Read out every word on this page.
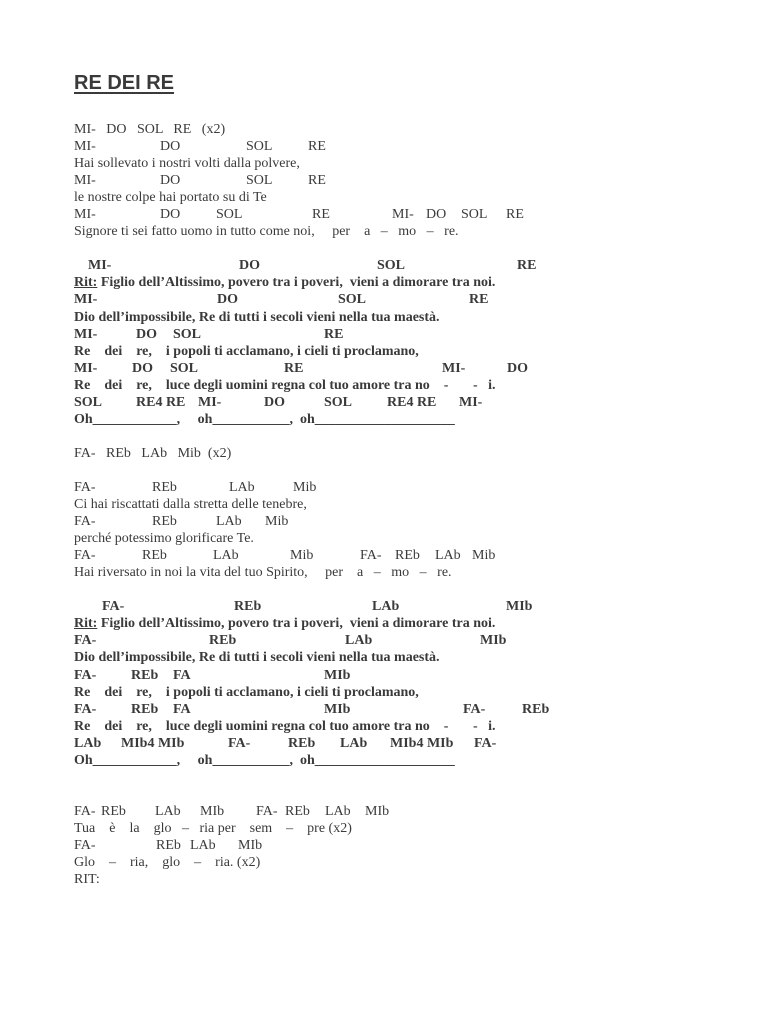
RE DEI RE
MI-   DO   SOL   RE   (x2)
MI-	DO	SOL	RE
Hai sollevato i nostri volti dalla polvere,
MI-	DO	SOL	RE
le nostre colpe hai portato su di Te
MI-	DO	SOL	RE	MI- DO SOL RE
Signore ti sei fatto uomo in tutto come noi,     per    a   –   mo   –   re.
MI-	DO	SOL	RE
Rit: Figlio dell’Altissimo, povero tra i poveri,  vieni a dimorare tra noi.
MI-	DO	SOL	RE
Dio dell’impossibile, Re di tutti i secoli vieni nella tua maestà.
MI-	DO SOL	RE
Re    dei    re,    i popoli ti acclamano, i cieli ti proclamano,
MI- DO SOL	RE	MI-	DO
Re    dei    re,    luce degli uomini regna col tuo amore tra no    -       -   i.
SOL RE4 RE MI-	DO	SOL RE4 RE MI-
Oh____________,     oh___________,  oh____________________
FA-   REb   LAb   Mib  (x2)
FA-	REb	LAb	Mib
Ci hai riscattati dalla stretta delle tenebre,
FA-	REb	LAb Mib
perché potessimo glorificare Te.
FA-	REb	LAb	Mib	FA- REb LAb Mib
Hai riversato in noi la vita del tuo Spirito,     per    a   –   mo   –   re.
FA-	REb	LAb	MIb
Rit: Figlio dell’Altissimo, povero tra i poveri,  vieni a dimorare tra noi.
FA-	REb	LAb	MIb
Dio dell’impossibile, Re di tutti i secoli vieni nella tua maestà.
FA- REb FA	MIb
Re    dei    re,    i popoli ti acclamano, i cieli ti proclamano,
FA- REb FA	MIb	FA-	REb
Re    dei    re,    luce degli uomini regna col tuo amore tra no    -       -   i.
LAb MIb4 MIb	FA-	REb LAb MIb4 MIb FA-
Oh____________,     oh___________,  oh____________________
FA- REb LAb MIb FA- REb LAb MIb
Tua    è    la    glo   –   ria per    sem    –    pre (x2)
FA-	REb LAb MIb
Glo    –    ria,    glo    –    ria. (x2)
RIT:
